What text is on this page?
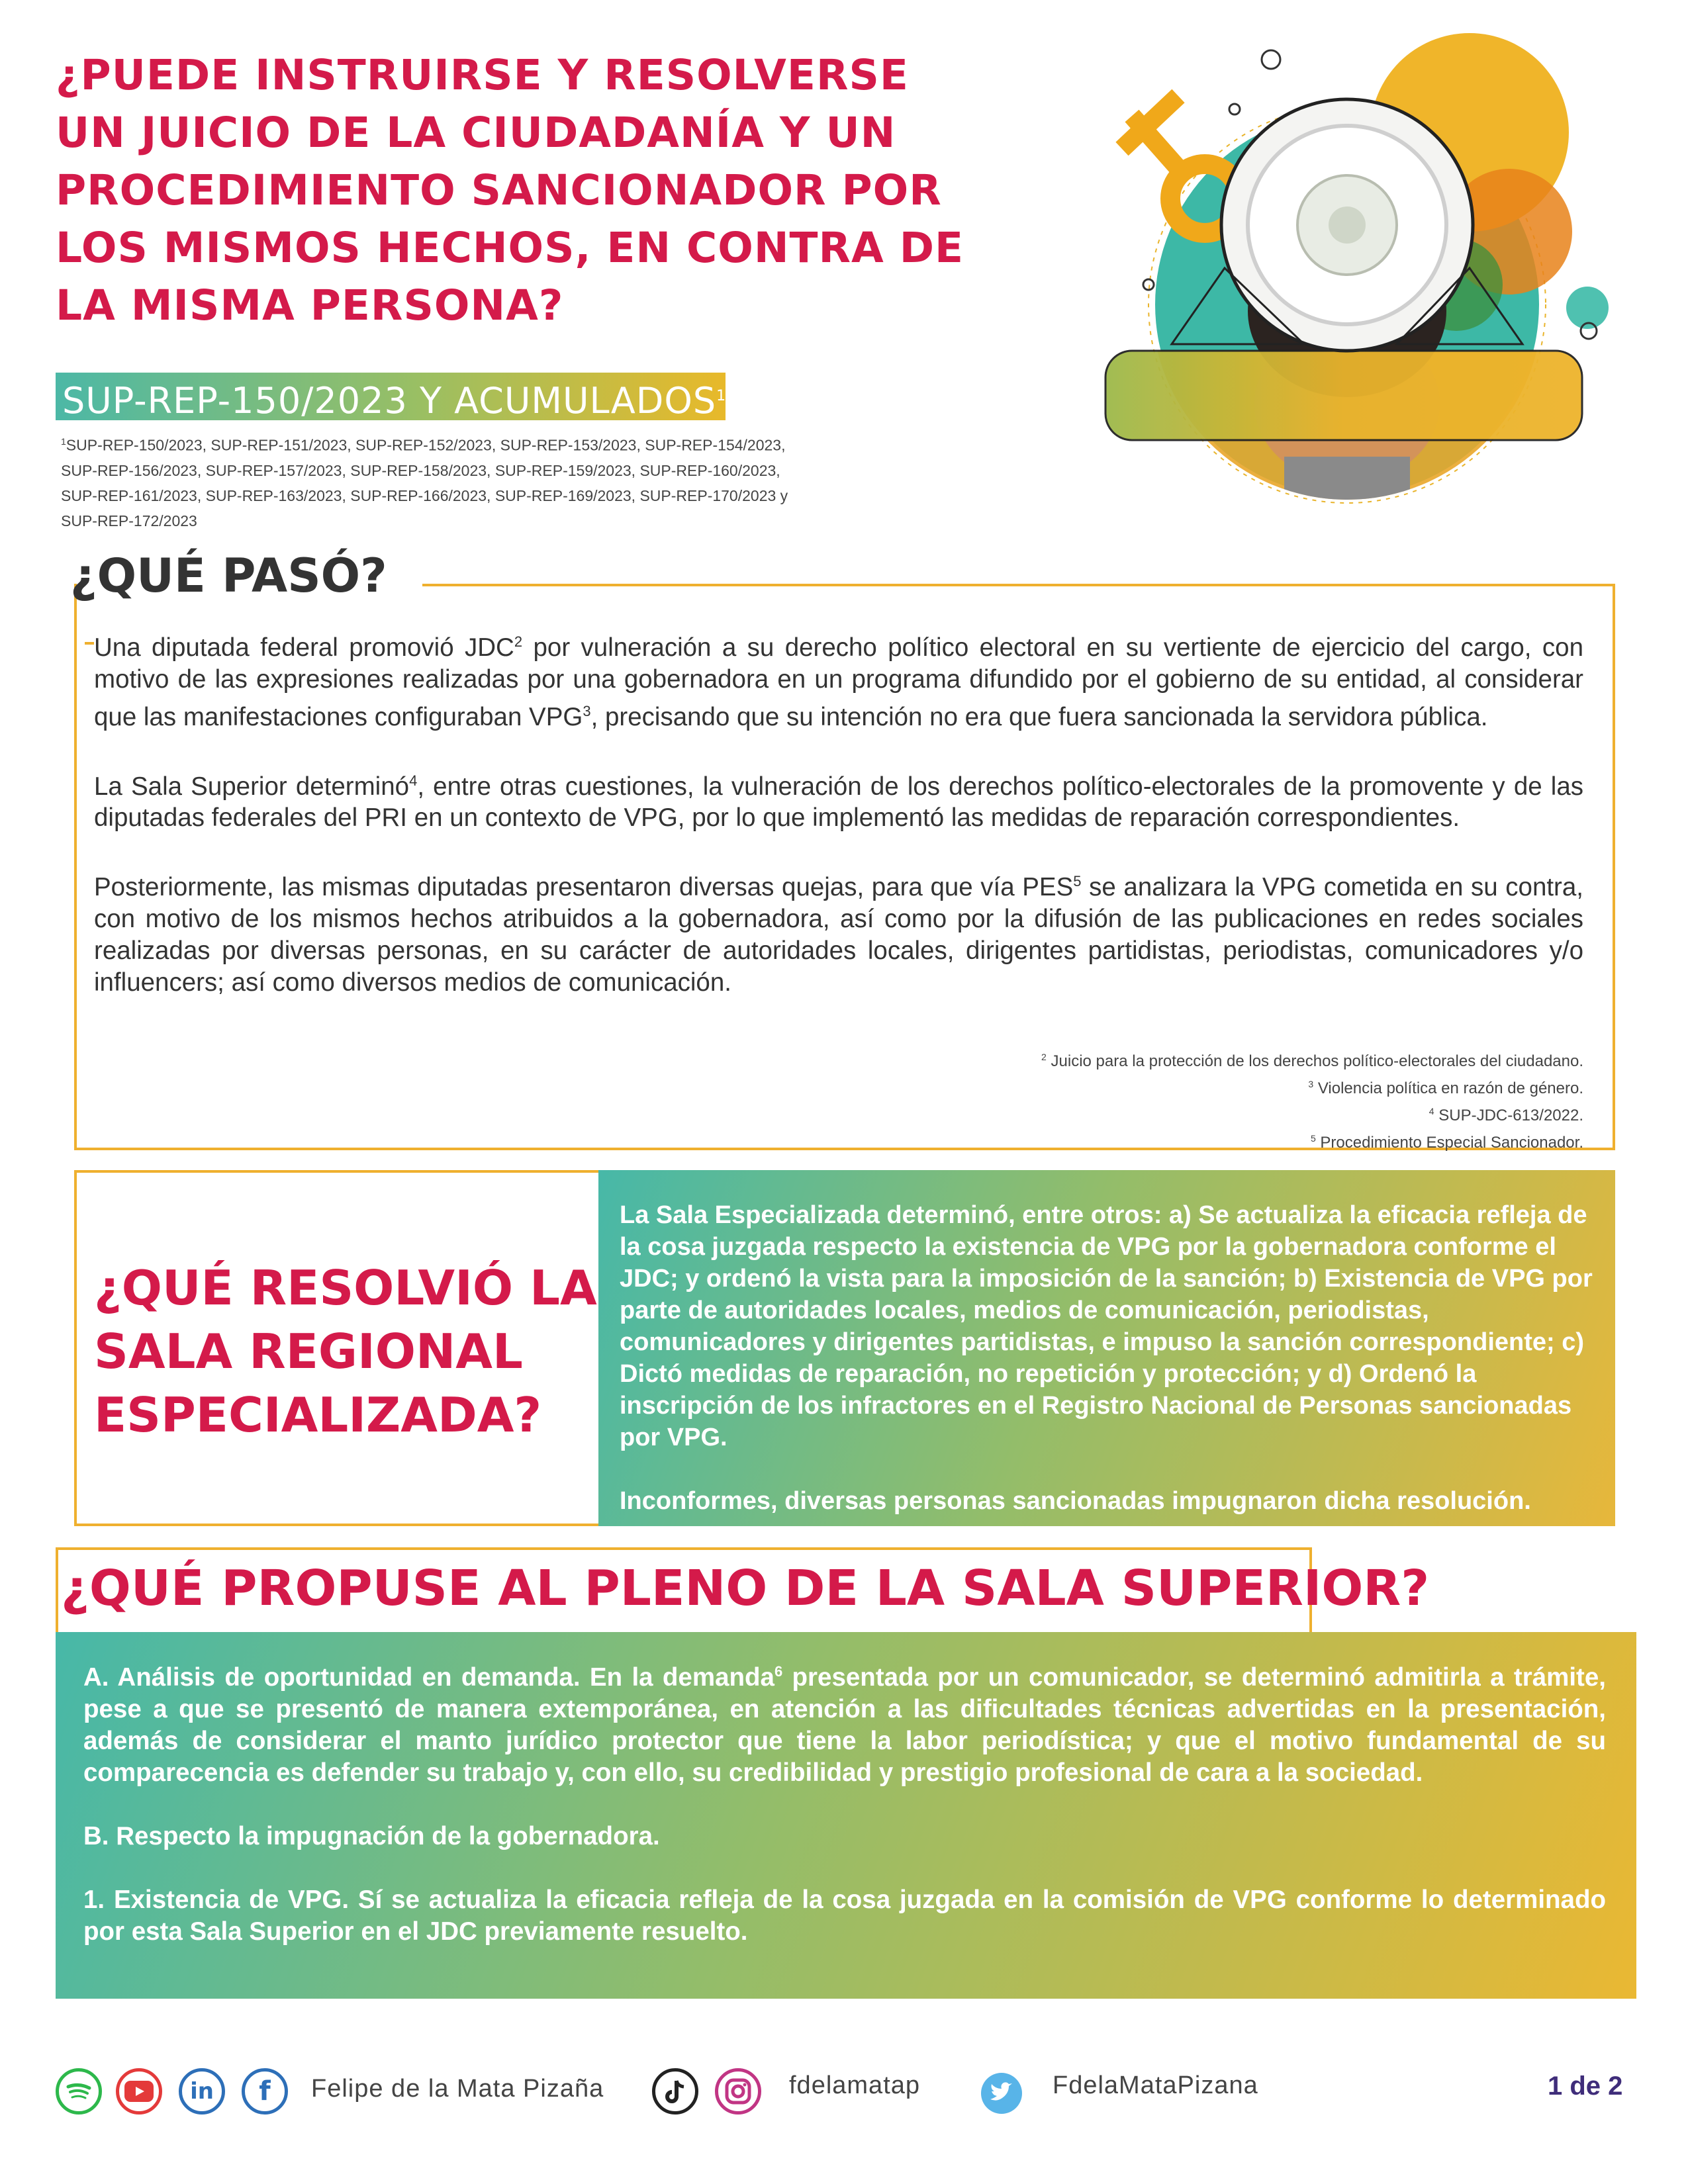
¿PUEDE INSTRUIRSE Y RESOLVERSE UN JUICIO DE LA CIUDADANÍA Y UN PROCEDIMIENTO SANCIONADOR POR LOS MISMOS HECHOS, EN CONTRA DE LA MISMA PERSONA?
SUP-REP-150/2023 Y ACUMULADOS$^1$
$^1$SUP-REP-150/2023, SUP-REP-151/2023, SUP-REP-152/2023, SUP-REP-153/2023, SUP-REP-154/2023, SUP-REP-156/2023, SUP-REP-157/2023, SUP-REP-158/2023, SUP-REP-159/2023, SUP-REP-160/2023, SUP-REP-161/2023, SUP-REP-163/2023, SUP-REP-166/2023, SUP-REP-169/2023, SUP-REP-170/2023 y SUP-REP-172/2023
¿QUÉ PASÓ?

Una diputada federal promovió JDC$^2$ por vulneración a su derecho político electoral en su vertiente de ejercicio del cargo, con motivo de las expresiones realizadas por una gobernadora en un programa difundido por el gobierno de su entidad, al considerar que las manifestaciones configuraban VPG$^3$, precisando que su intención no era que fuera sancionada la servidora pública.

La Sala Superior determinó$^4$, entre otras cuestiones, la vulneración de los derechos político-electorales de la promovente y de las diputadas federales del PRI en un contexto de VPG, por lo que implementó las medidas de reparación correspondientes.

Posteriormente, las mismas diputadas presentaron diversas quejas, para que vía PES$^5$ se analizara la VPG cometida en su contra, con motivo de los mismos hechos atribuidos a la gobernadora, así como por la difusión de las publicaciones en redes sociales realizadas por diversas personas, en su carácter de autoridades locales, dirigentes partidistas, periodistas, comunicadores y/o influencers; así como diversos medios de comunicación.

$^2$ Juicio para la protección de los derechos político-electorales del ciudadano.
$^3$ Violencia política en razón de género.
$^4$ SUP-JDC-613/2022.
$^5$ Procedimiento Especial Sancionador.
¿QUÉ RESOLVIÓ LA SALA REGIONAL ESPECIALIZADA?

La Sala Especializada determinó, entre otros: a) Se actualiza la eficacia refleja de la cosa juzgada respecto la existencia de VPG por la gobernadora conforme el JDC; y ordenó la vista para la imposición de la sanción; b) Existencia de VPG por parte de autoridades locales, medios de comunicación, periodistas, comunicadores y dirigentes partidistas, e impuso la sanción correspondiente; c) Dictó medidas de reparación, no repetición y protección; y d) Ordenó la inscripción de los infractores en el Registro Nacional de Personas sancionadas por VPG.

Inconformes, diversas personas sancionadas impugnaron dicha resolución.

¿QUÉ PROPUSE AL PLENO DE LA SALA SUPERIOR?

A. Análisis de oportunidad en demanda. En la demanda$^6$ presentada por un comunicador, se determinó admitirla a trámite, pese a que se presentó de manera extemporánea, en atención a las dificultades técnicas advertidas en la presentación, además de considerar el manto jurídico protector que tiene la labor periodística; y que el motivo fundamental de su comparecencia es defender su trabajo y, con ello, su credibilidad y prestigio profesional de cara a la sociedad.

B. Respecto la impugnación de la gobernadora.

1. Existencia de VPG. Sí se actualiza la eficacia refleja de la cosa juzgada en la comisión de VPG conforme lo determinado por esta Sala Superior en el JDC previamente resuelto.

in	f	Felipe de la Mata Pizaña	fdelamatap	FdelaMataPizana	1 de 2
